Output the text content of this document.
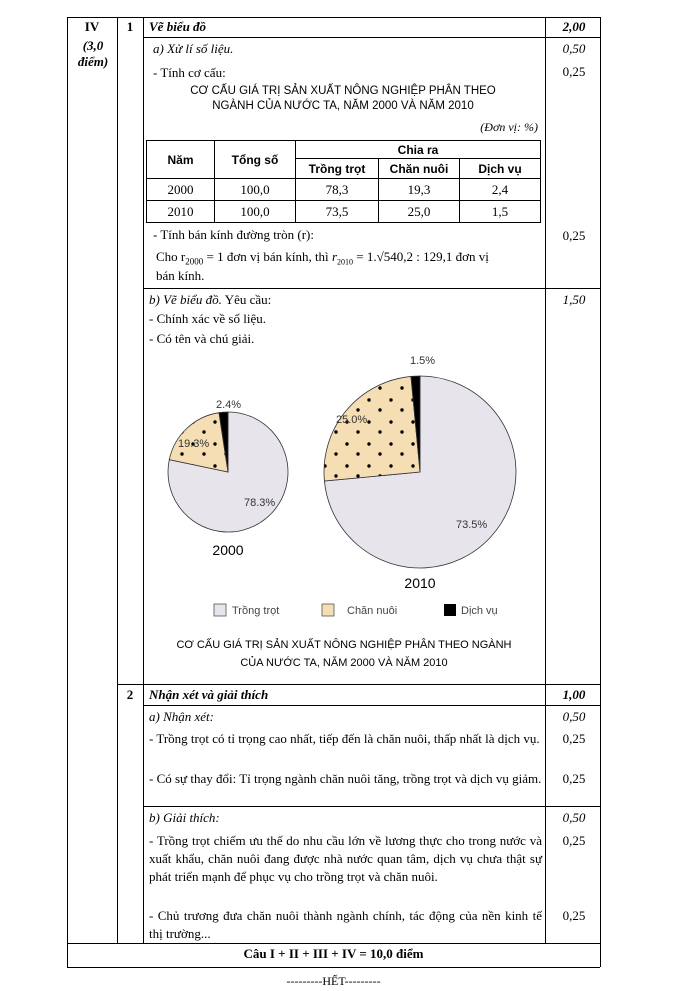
IV
(3,0 điểm)
1	Vẽ biểu đồ	2,00
a) Xử lí số liệu.	0,50
- Tính cơ cấu:	0,25
CƠ CẤU GIÁ TRỊ SẢN XUẤT NÔNG NGHIỆP PHÂN THEO
NGÀNH CỦA NƯỚC TA, NĂM 2000 VÀ NĂM 2010
(Đơn vị: %)
Năm	Tổng số	Chia ra		
		Trồng trọt	Chăn nuôi	Dịch vụ
2000	100,0	78,3	19,3	2,4
2010	100,0	73,5	25,0	1,5
- Tính bán kính đường tròn (r):	0,25
Cho $r_{2000} = 1$ đơn vị bán kính, thì $r_{2010} = 1.√540,2$ : 129,1 đơn vị
bán kính.
b) Vẽ biểu đồ. Yêu cầu:	1,50
- Chính xác về số liệu.
- Có tên và chú giải.
78.3%
19.3%
2.4%
2000
73.5%
25.0%
1.5%
2010
Trồng trọt	Chăn nuôi	Dịch vụ
CƠ CẤU GIÁ TRỊ SẢN XUẤT NÔNG NGHIỆP PHÂN THEO NGÀNH
CỦA NƯỚC TA, NĂM 2000 VÀ NĂM 2010
2	Nhận xét và giải thích	1,00
a) Nhận xét:	0,50
- Trồng trọt có tỉ trọng cao nhất, tiếp đến là chăn nuôi, thấp nhất là dịch vụ.	0,25
- Có sự thay đổi: Tỉ trọng ngành chăn nuôi tăng, trồng trọt và dịch vụ giảm.	0,25
b) Giải thích:	0,50
- Trồng trọt chiếm ưu thế do nhu cầu lớn về lương thực cho trong nước và xuất khẩu, chăn nuôi đang được nhà nước quan tâm, dịch vụ chưa thật sự phát triển mạnh để phục vụ cho trồng trọt và chăn nuôi.
0,25
- Chủ trương đưa chăn nuôi thành ngành chính, tác động của nền kinh tế thị trường...
0,25
Câu I + II + III + IV = 10,0 điểm
---------HẾT---------
